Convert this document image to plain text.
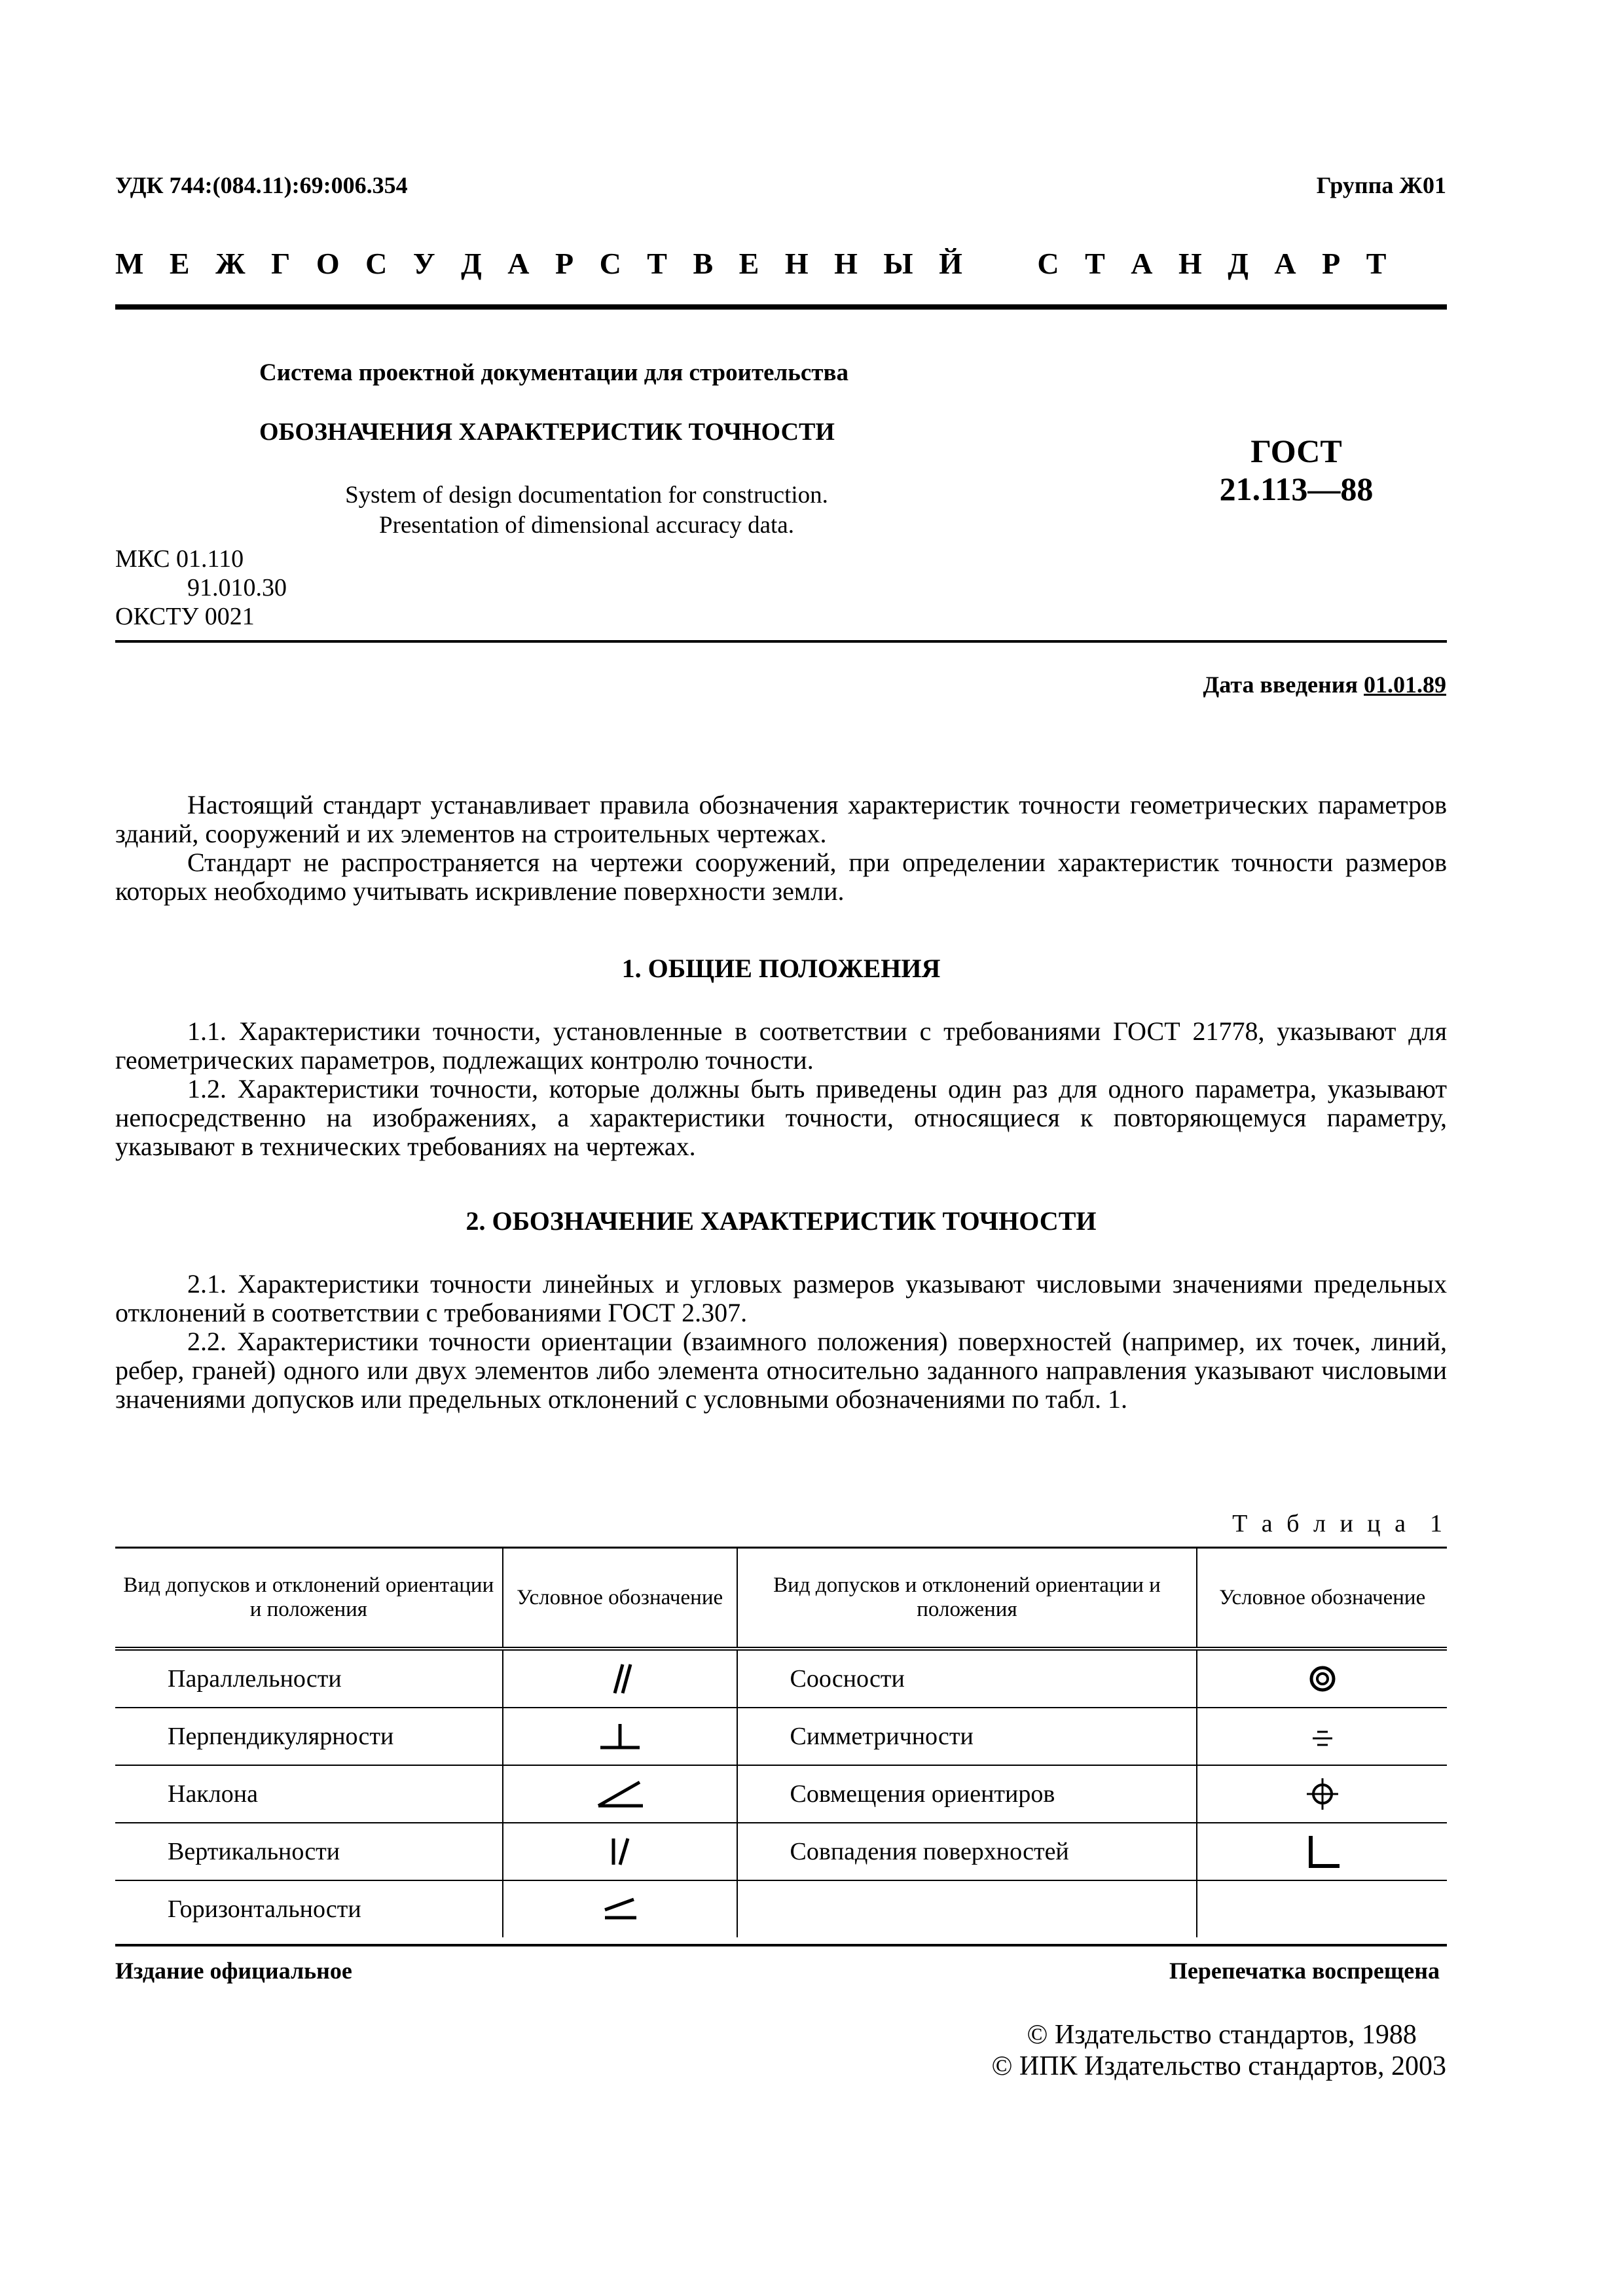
УДК 744:(084.11):69:006.354	Группа Ж01
М Е Ж Г О С У Д А Р С Т В Е Н Н Ы Й   С Т А Н Д А Р Т
Система проектной документации для строительства
ОБОЗНАЧЕНИЯ ХАРАКТЕРИСТИК ТОЧНОСТИ
System of design documentation for construction.
Presentation of dimensional accuracy data.
ГОСТ
21.113—88
МКС 01.110
91.010.30
ОКСТУ 0021
Дата введения 01.01.89

Настоящий стандарт устанавливает правила обозначения характеристик точности геометрических параметров зданий, сооружений и их элементов на строительных чертежах.

Стандарт не распространяется на чертежи сооружений, при определении характеристик точности размеров которых необходимо учитывать искривление поверхности земли.

1. ОБЩИЕ ПОЛОЖЕНИЯ

1.1. Характеристики точности, установленные в соответствии с требованиями ГОСТ 21778, указывают для геометрических параметров, подлежащих контролю точности.

1.2. Характеристики точности, которые должны быть приведены один раз для одного параметра, указывают непосредственно на изображениях, а характеристики точности, относящиеся к повторяющемуся параметру, указывают в технических требованиях на чертежах.

2. ОБОЗНАЧЕНИЕ ХАРАКТЕРИСТИК ТОЧНОСТИ

2.1. Характеристики точности линейных и угловых размеров указывают числовыми значениями предельных отклонений в соответствии с требованиями ГОСТ 2.307.

2.2. Характеристики точности ориентации (взаимного положения) поверхностей (например, их точек, линий, ребер, граней) одного или двух элементов либо элемента относительно заданного направления указывают числовыми значениями допусков или предельных отклонений с условными обозначениями по табл. 1.

Т а б л и ц а  1
Вид допусков и отклонений ориентации и положения	Условное обозначение	Вид допусков и отклонений ориентации и положения	Условное обозначение
Параллельности		Соосности	
Перпендикулярности		Симметричности	
Наклона		Совмещения ориентиров	
Вертикальности		Совпадения поверхностей	
Горизонтальности			
Издание официальное	Перепечатка воспрещена
© Издательство стандартов, 1988
© ИПК Издательство стандартов, 2003
